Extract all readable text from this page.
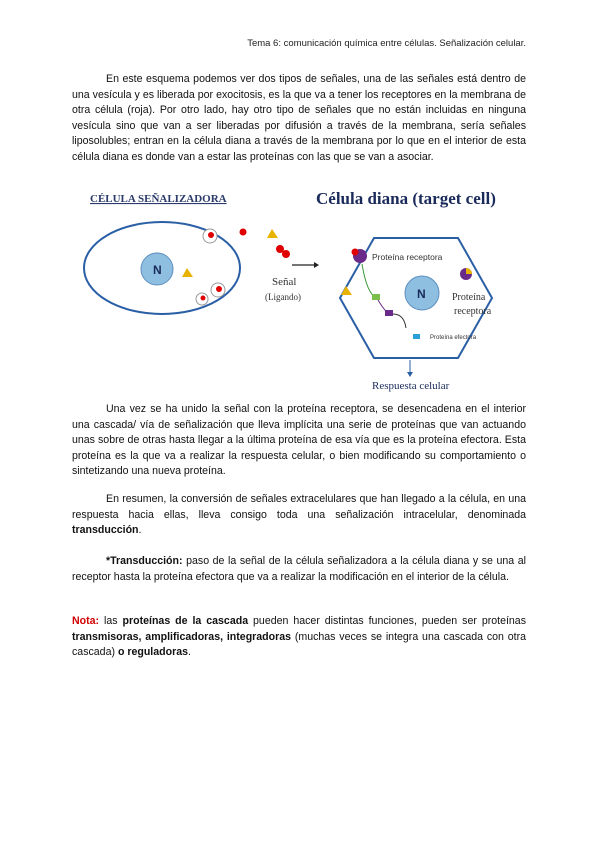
Tema 6: comunicación química entre células. Señalización celular.
En este esquema podemos ver dos tipos de señales, una de las señales está dentro de una vesícula y es liberada por exocitosis, es la que va a tener los receptores en la membrana de otra célula (roja). Por otro lado, hay otro tipo de señales que no están incluidas en ninguna vesícula sino que van a ser liberadas por difusión a través de la membrana, sería señales liposolubles; entran en la célula diana a través de la membrana por lo que en el interior de esta célula diana es donde van a estar las proteínas con las que se van a asociar.
CÉLULA SEÑALIZADORA	Célula diana (target cell)
N
Señal
(Ligando)
Proteína receptora
Proteína
receptora
N
Proteína efectora
Respuesta celular
Una vez se ha unido la señal con la proteína receptora, se desencadena en el interior una cascada/ vía de señalización que lleva implícita una serie de proteínas que van actuando unas sobre de otras hasta llegar a la última proteína de esa vía que es la proteína efectora. Esta proteína es la que va a realizar la respuesta celular, o bien modificando su comportamiento o sintetizando una nueva proteína.
En resumen, la conversión de señales extracelulares que han llegado a la célula, en una respuesta hacia ellas, lleva consigo toda una señalización intracelular, denominada transducción.
*Transducción: paso de la señal de la célula señalizadora a la célula diana y se una al receptor hasta la proteína efectora que va a realizar la modificación en el interior de la célula.
Nota: las proteínas de la cascada pueden hacer distintas funciones, pueden ser proteínas transmisoras, amplificadoras, integradoras (muchas veces se integra una cascada con otra cascada) o reguladoras.
